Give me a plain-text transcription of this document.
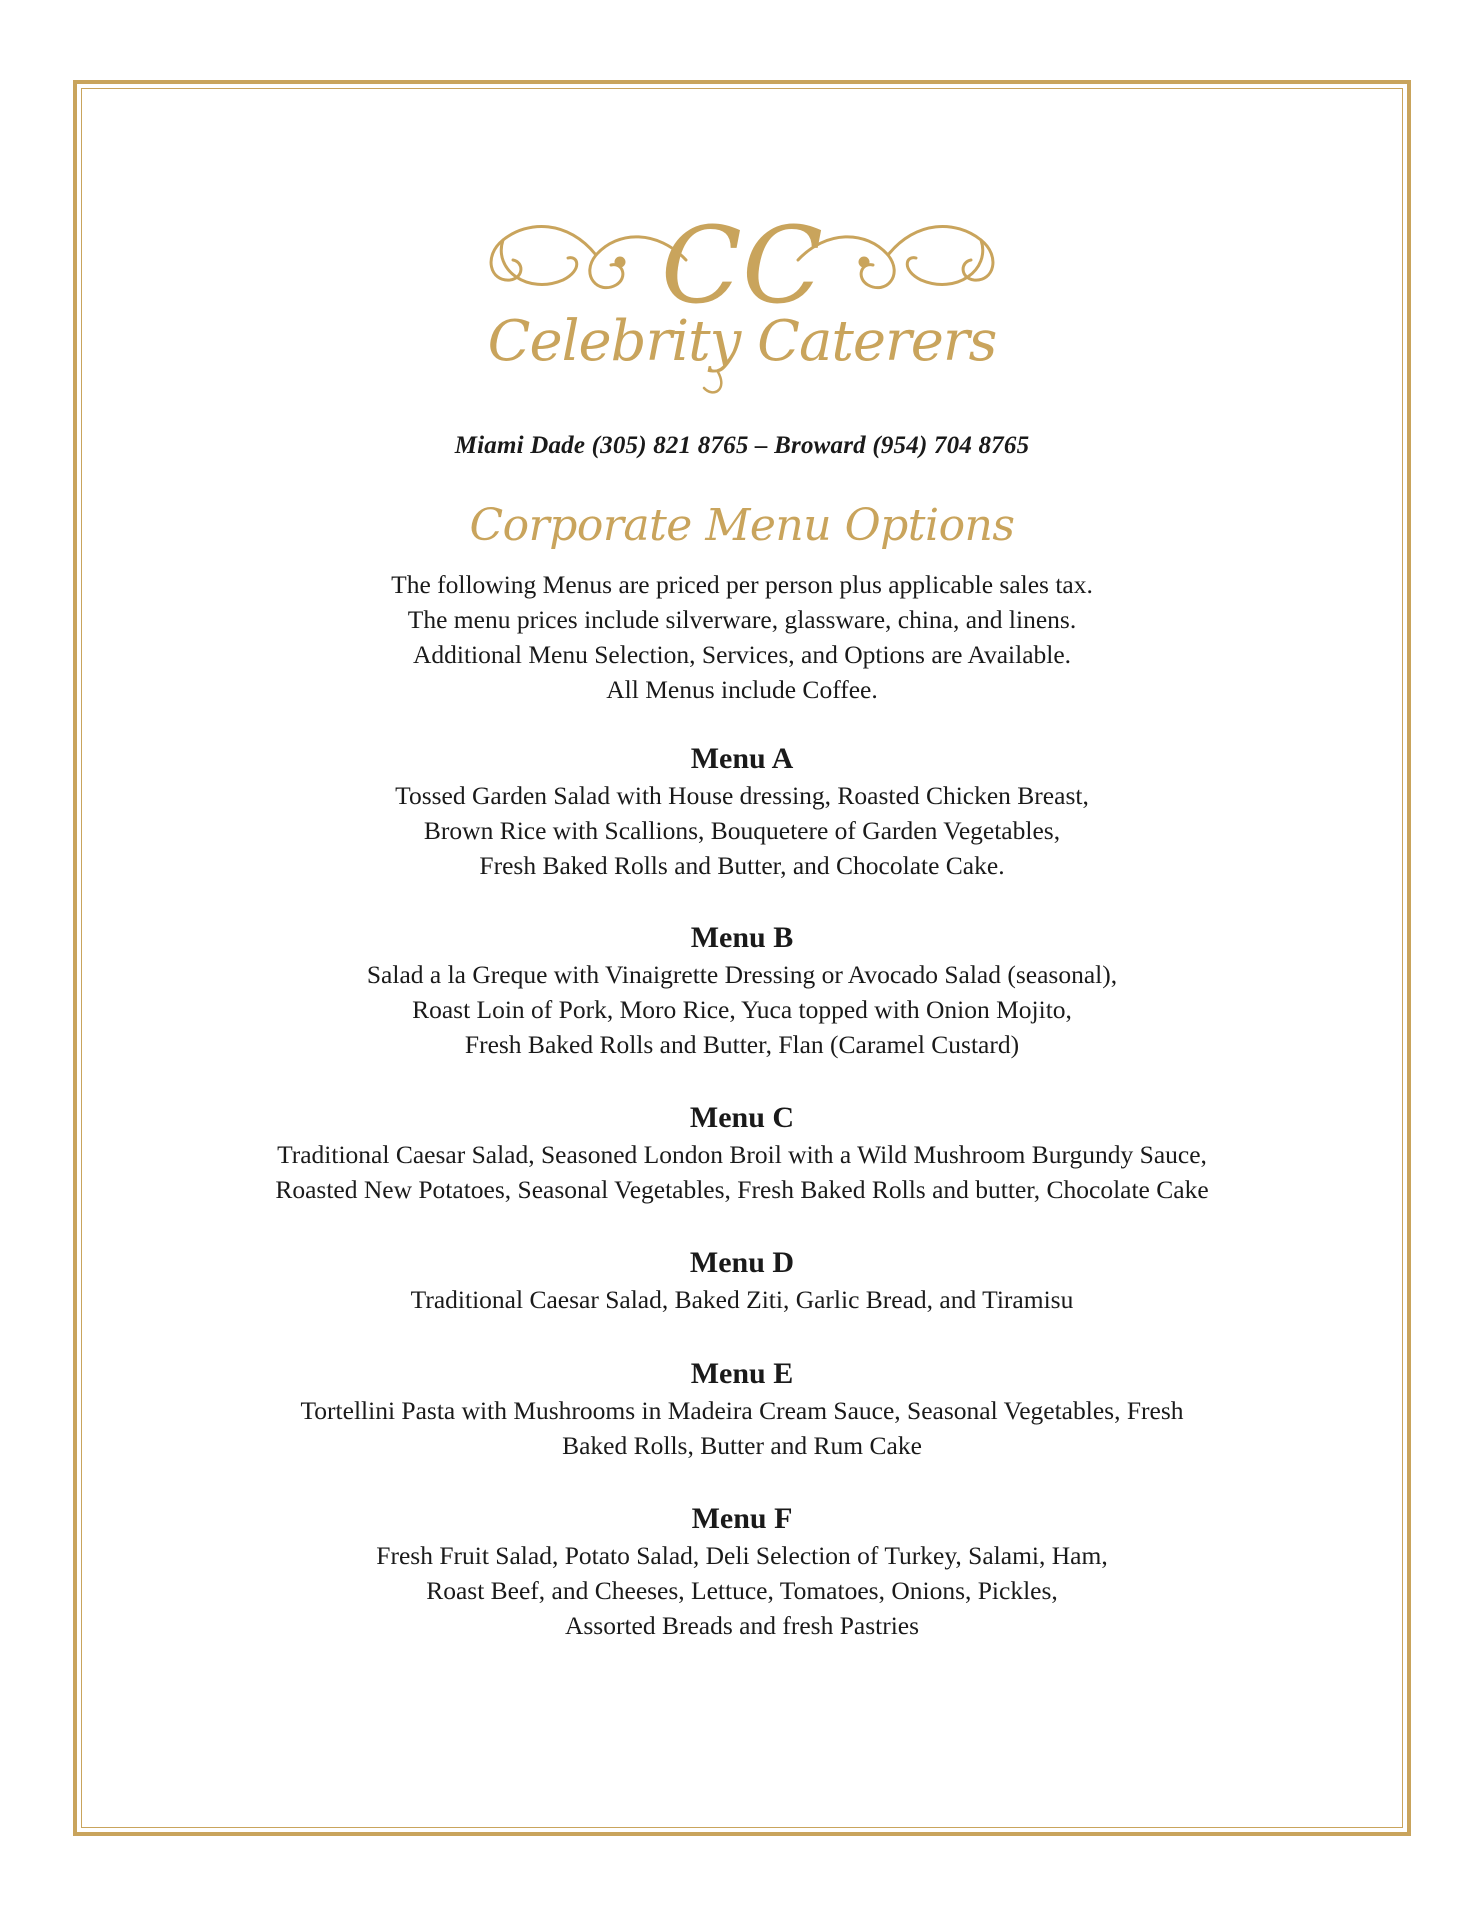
CC
Celebrity Caterers
Miami Dade (305) 821 8765 – Broward (954) 704 8765
Corporate Menu Options
The following Menus are priced per person plus applicable sales tax.
The menu prices include silverware, glassware, china, and linens.
Additional Menu Selection, Services, and Options are Available.
All Menus include Coffee.
Menu A
Tossed Garden Salad with House dressing, Roasted Chicken Breast,
Brown Rice with Scallions, Bouquetere of Garden Vegetables,
Fresh Baked Rolls and Butter, and Chocolate Cake.
Menu B
Salad a la Greque with Vinaigrette Dressing or Avocado Salad (seasonal),
Roast Loin of Pork, Moro Rice, Yuca topped with Onion Mojito,
Fresh Baked Rolls and Butter, Flan (Caramel Custard)
Menu C
Traditional Caesar Salad, Seasoned London Broil with a Wild Mushroom Burgundy Sauce,
Roasted New Potatoes, Seasonal Vegetables, Fresh Baked Rolls and butter, Chocolate Cake
Menu D
Traditional Caesar Salad, Baked Ziti, Garlic Bread, and Tiramisu
Menu E
Tortellini Pasta with Mushrooms in Madeira Cream Sauce, Seasonal Vegetables, Fresh
Baked Rolls, Butter and Rum Cake
Menu F
Fresh Fruit Salad, Potato Salad, Deli Selection of Turkey, Salami, Ham,
Roast Beef, and Cheeses, Lettuce, Tomatoes, Onions, Pickles,
Assorted Breads and fresh Pastries
